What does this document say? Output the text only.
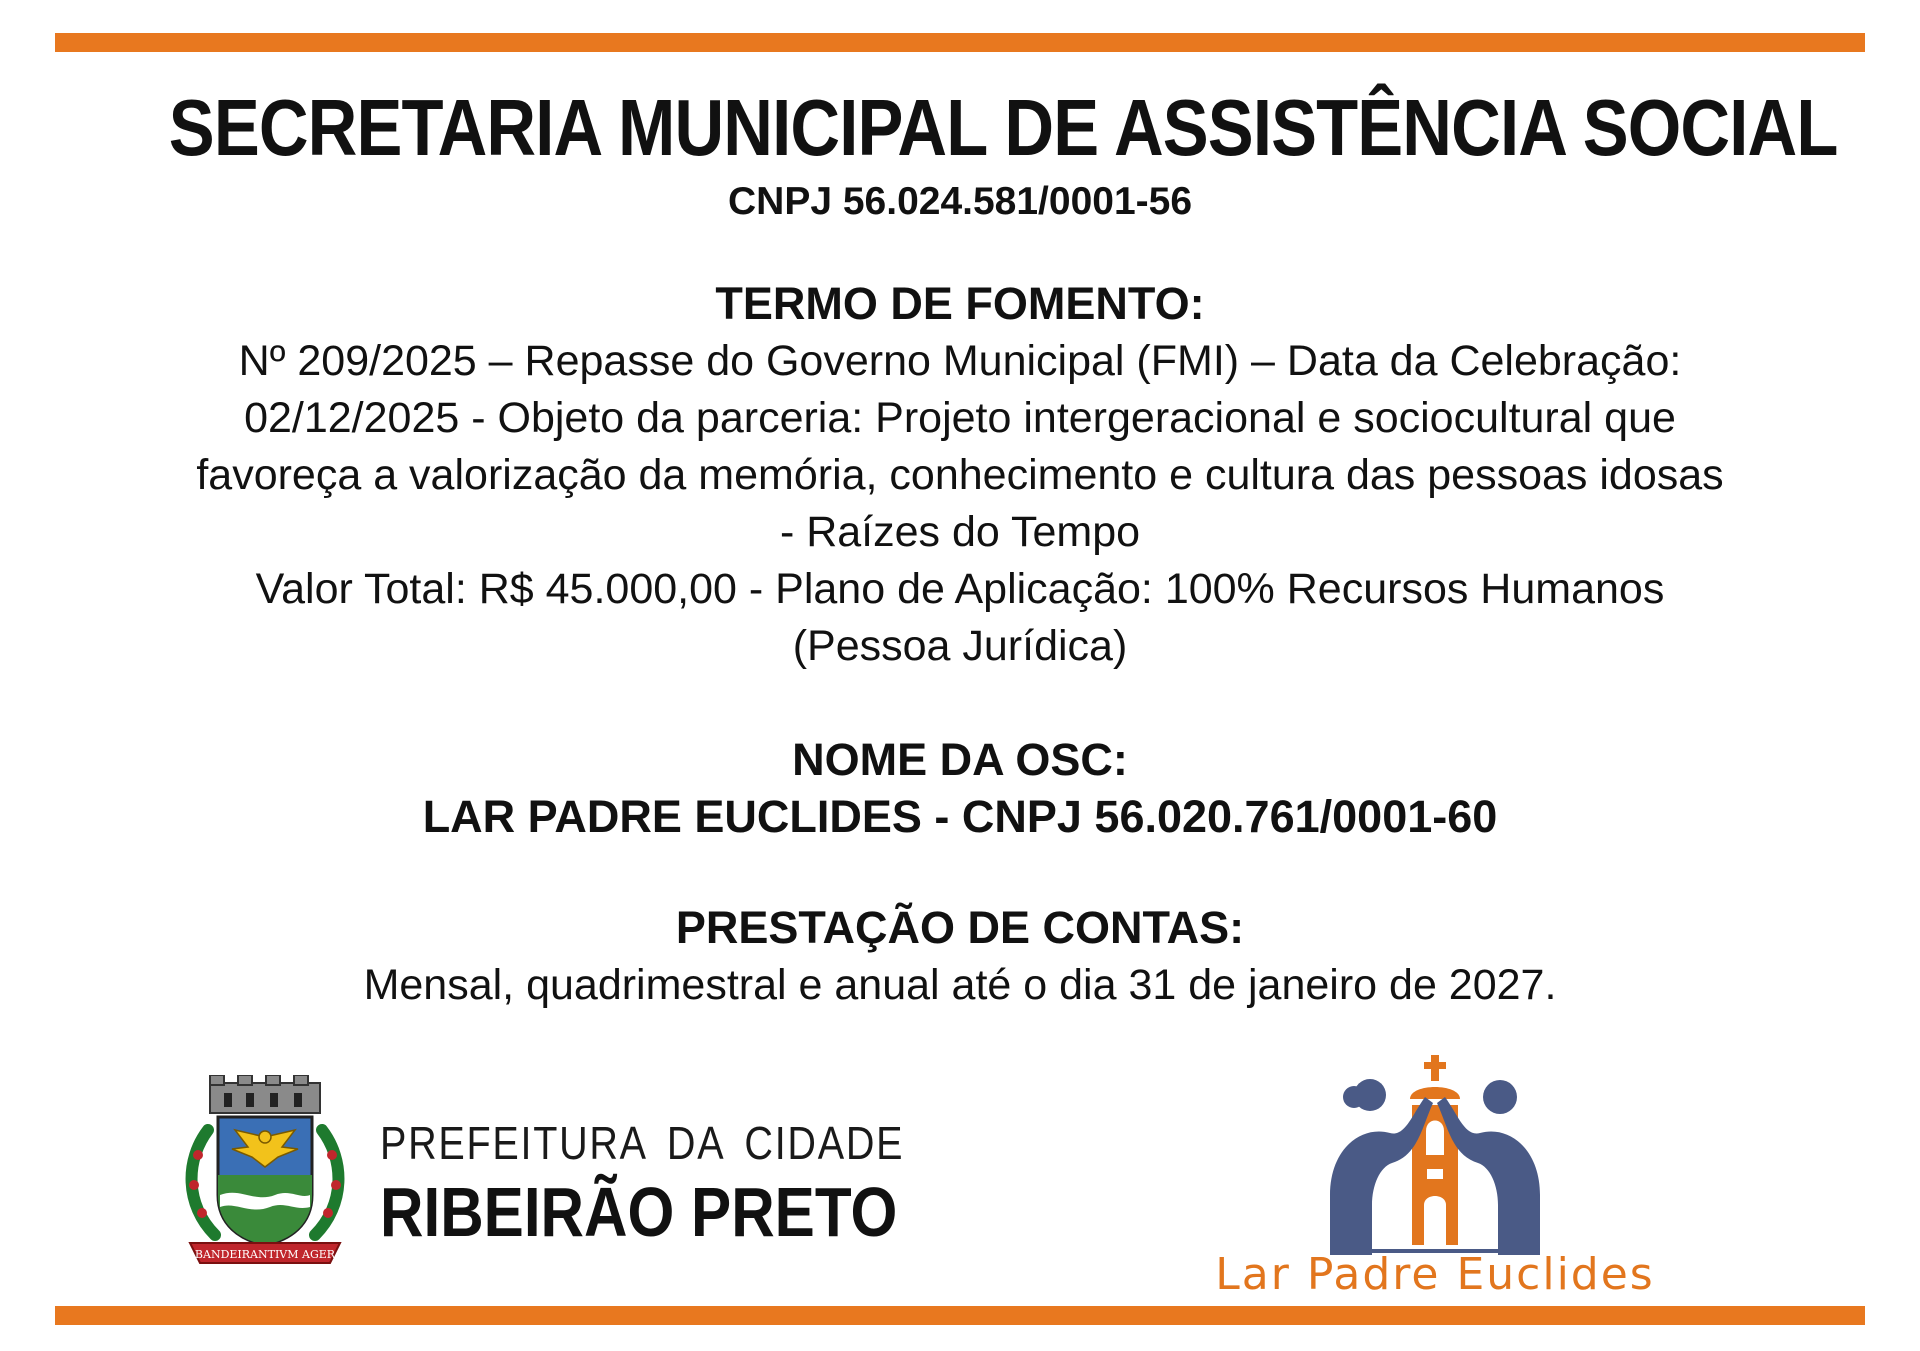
SECRETARIA MUNICIPAL DE ASSISTÊNCIA SOCIAL
CNPJ 56.024.581/0001-56
TERMO DE FOMENTO:
Nº 209/2025 – Repasse do Governo Municipal (FMI) – Data da Celebração:
02/12/2025 - Objeto da parceria: Projeto intergeracional e sociocultural que
favoreça a valorização da memória, conhecimento e cultura das pessoas idosas
- Raízes do Tempo
Valor Total: R$ 45.000,00 - Plano de Aplicação: 100% Recursos Humanos
(Pessoa Jurídica)
NOME DA OSC:
LAR PADRE EUCLIDES - CNPJ 56.020.761/0001-60
PRESTAÇÃO DE CONTAS:
Mensal, quadrimestral e anual até o dia 31 de janeiro de 2027.
BANDEIRANTIVM AGER
PREFEITURA DA CIDADE
RIBEIRÃO PRETO
Lar Padre Euclides
